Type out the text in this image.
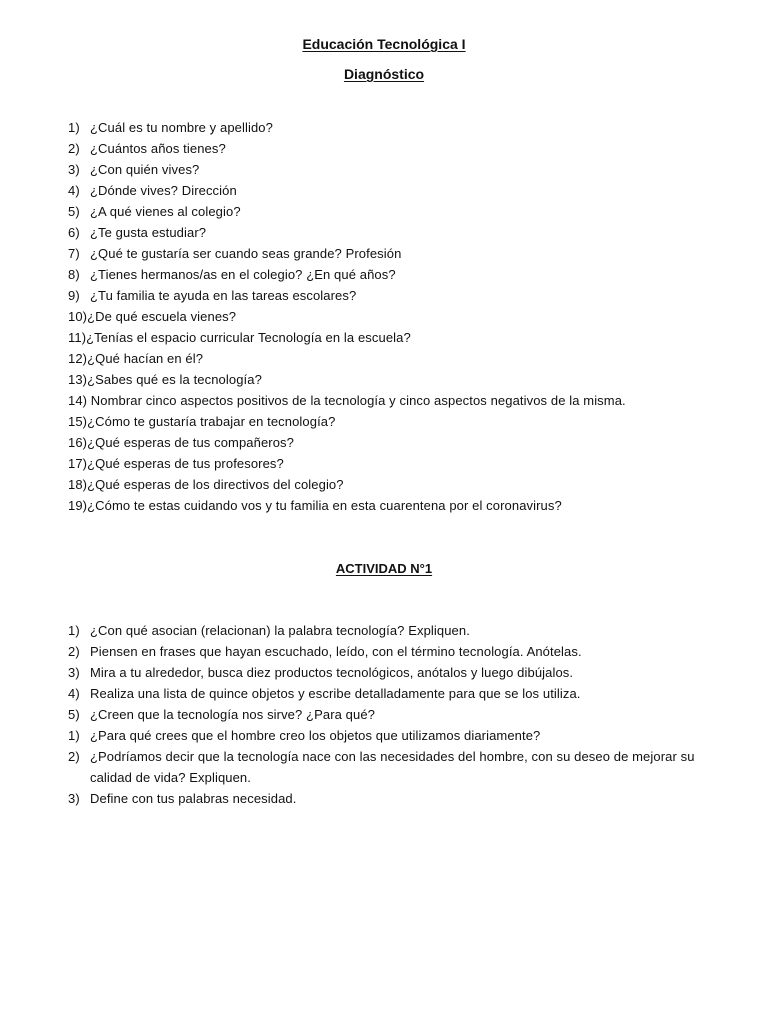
Educación Tecnológica I
Diagnóstico
1) ¿Cuál es tu nombre y apellido?
2) ¿Cuántos años tienes?
3) ¿Con quién vives?
4) ¿Dónde vives? Dirección
5) ¿A qué vienes al colegio?
6) ¿Te gusta estudiar?
7) ¿Qué te gustaría ser cuando seas grande? Profesión
8) ¿Tienes hermanos/as en el colegio? ¿En qué años?
9) ¿Tu familia te ayuda en las tareas escolares?
10) ¿De qué escuela vienes?
11) ¿Tenías el espacio curricular Tecnología en la escuela?
12) ¿Qué hacían en él?
13) ¿Sabes qué es la tecnología?
14) Nombrar cinco aspectos positivos de la tecnología y cinco aspectos negativos de la misma.
15) ¿Cómo te gustaría trabajar en tecnología?
16) ¿Qué esperas de tus compañeros?
17) ¿Qué esperas de tus profesores?
18) ¿Qué esperas de los directivos del colegio?
19) ¿Cómo te estas cuidando vos y tu familia en esta cuarentena por el coronavirus?
ACTIVIDAD N°1
1) ¿Con qué asocian (relacionan) la palabra tecnología? Expliquen.
2) Piensen en frases que hayan escuchado, leído, con el término tecnología. Anótelas.
3) Mira a tu alrededor, busca diez productos tecnológicos, anótalos y luego dibújalos.
4) Realiza una lista de quince objetos y escribe detalladamente para que se los utiliza.
5) ¿Creen que la tecnología nos sirve? ¿Para qué?
1) ¿Para qué crees que el hombre creo los objetos que utilizamos diariamente?
2) ¿Podríamos decir que la tecnología nace con las necesidades del hombre, con su deseo de mejorar su calidad de vida? Expliquen.
3) Define con tus palabras necesidad.
